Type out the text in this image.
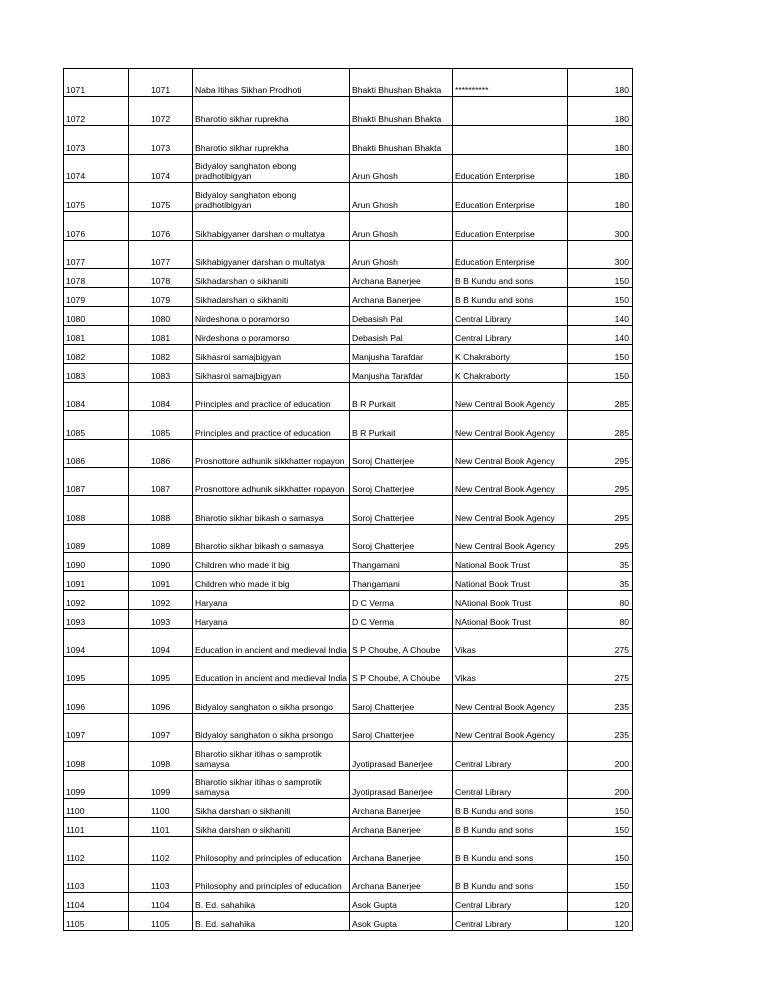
1071	1071	Naba Itihas Sikhan Prodhoti	Bhakti Bhushan Bhakta	**********	180
1072	1072	Bharotio sikhar ruprekha	Bhakti Bhushan Bhakta		180
1073	1073	Bharotio sikhar ruprekha	Bhakti Bhushan Bhakta		180
1074	1074	Bidyaloy sanghaton ebong pradhotibigyan	Arun Ghosh	Education Enterprise	180
1075	1075	Bidyaloy sanghaton ebong pradhotibigyan	Arun Ghosh	Education Enterprise	180
1076	1076	Sikhabigyaner darshan o multatya	Arun Ghosh	Education Enterprise	300
1077	1077	Sikhabigyaner darshan o multatya	Arun Ghosh	Education Enterprise	300
1078	1078	Sikhadarshan o sikhaniti	Archana Banerjee	B B Kundu and sons	150
1079	1079	Sikhadarshan o sikhaniti	Archana Banerjee	B B Kundu and sons	150
1080	1080	Nirdeshona o poramorso	Debasish Pal	Central Library	140
1081	1081	Nirdeshona o poramorso	Debasish Pal	Central Library	140
1082	1082	Sikhasroi samajbigyan	Manjusha Tarafdar	K Chakraborty	150
1083	1083	Sikhasroi samajbigyan	Manjusha Tarafdar	K Chakraborty	150
1084	1084	Principles and practice of education	B R Purkait	New Central Book Agency	285
1085	1085	Principles and practice of education	B R Purkait	New Central Book Agency	285
1086	1086	Prosnottore adhunik sikkhatter ropayon	Soroj Chatterjee	New Central Book Agency	295
1087	1087	Prosnottore adhunik sikkhatter ropayon	Soroj Chatterjee	New Central Book Agency	295
1088	1088	Bharotio sikhar bikash o samasya	Soroj Chatterjee	New Central Book Agency	295
1089	1089	Bharotio sikhar bikash o samasya	Soroj Chatterjee	New Central Book Agency	295
1090	1090	Children who made it big	Thangamani	National Book Trust	35
1091	1091	Children who made it big	Thangamani	National Book Trust	35
1092	1092	Haryana	D C Verma	NAtional Book Trust	80
1093	1093	Haryana	D C Verma	NAtional Book Trust	80
1094	1094	Education in ancient and medieval India	S P Choube, A Choube	Vikas	275
1095	1095	Education in ancient and medieval India	S P Choube, A Choube	Vikas	275
1096	1096	Bidyaloy sanghaton o sikha prsongo	Saroj Chatterjee	New Central Book Agency	235
1097	1097	Bidyaloy sanghaton o sikha prsongo	Saroj Chatterjee	New Central Book Agency	235
1098	1098	Bharotio sikhar itihas o samprotik samaysa	Jyotiprasad Banerjee	Central Library	200
1099	1099	Bharotio sikhar itihas o samprotik samaysa	Jyotiprasad Banerjee	Central Library	200
1100	1100	Sikha darshan o sikhaniti	Archana Banerjee	B B Kundu and sons	150
1101	1101	Sikha darshan o sikhaniti	Archana Banerjee	B B Kundu and sons	150
1102	1102	Philosophy and principles of education	Archana Banerjee	B B Kundu and sons	150
1103	1103	Philosophy and principles of education	Archana Banerjee	B B Kundu and sons	150
1104	1104	B. Ed. sahahika	Asok Gupta	Central Library	120
1105	1105	B. Ed. sahahika	Asok Gupta	Central Library	120
